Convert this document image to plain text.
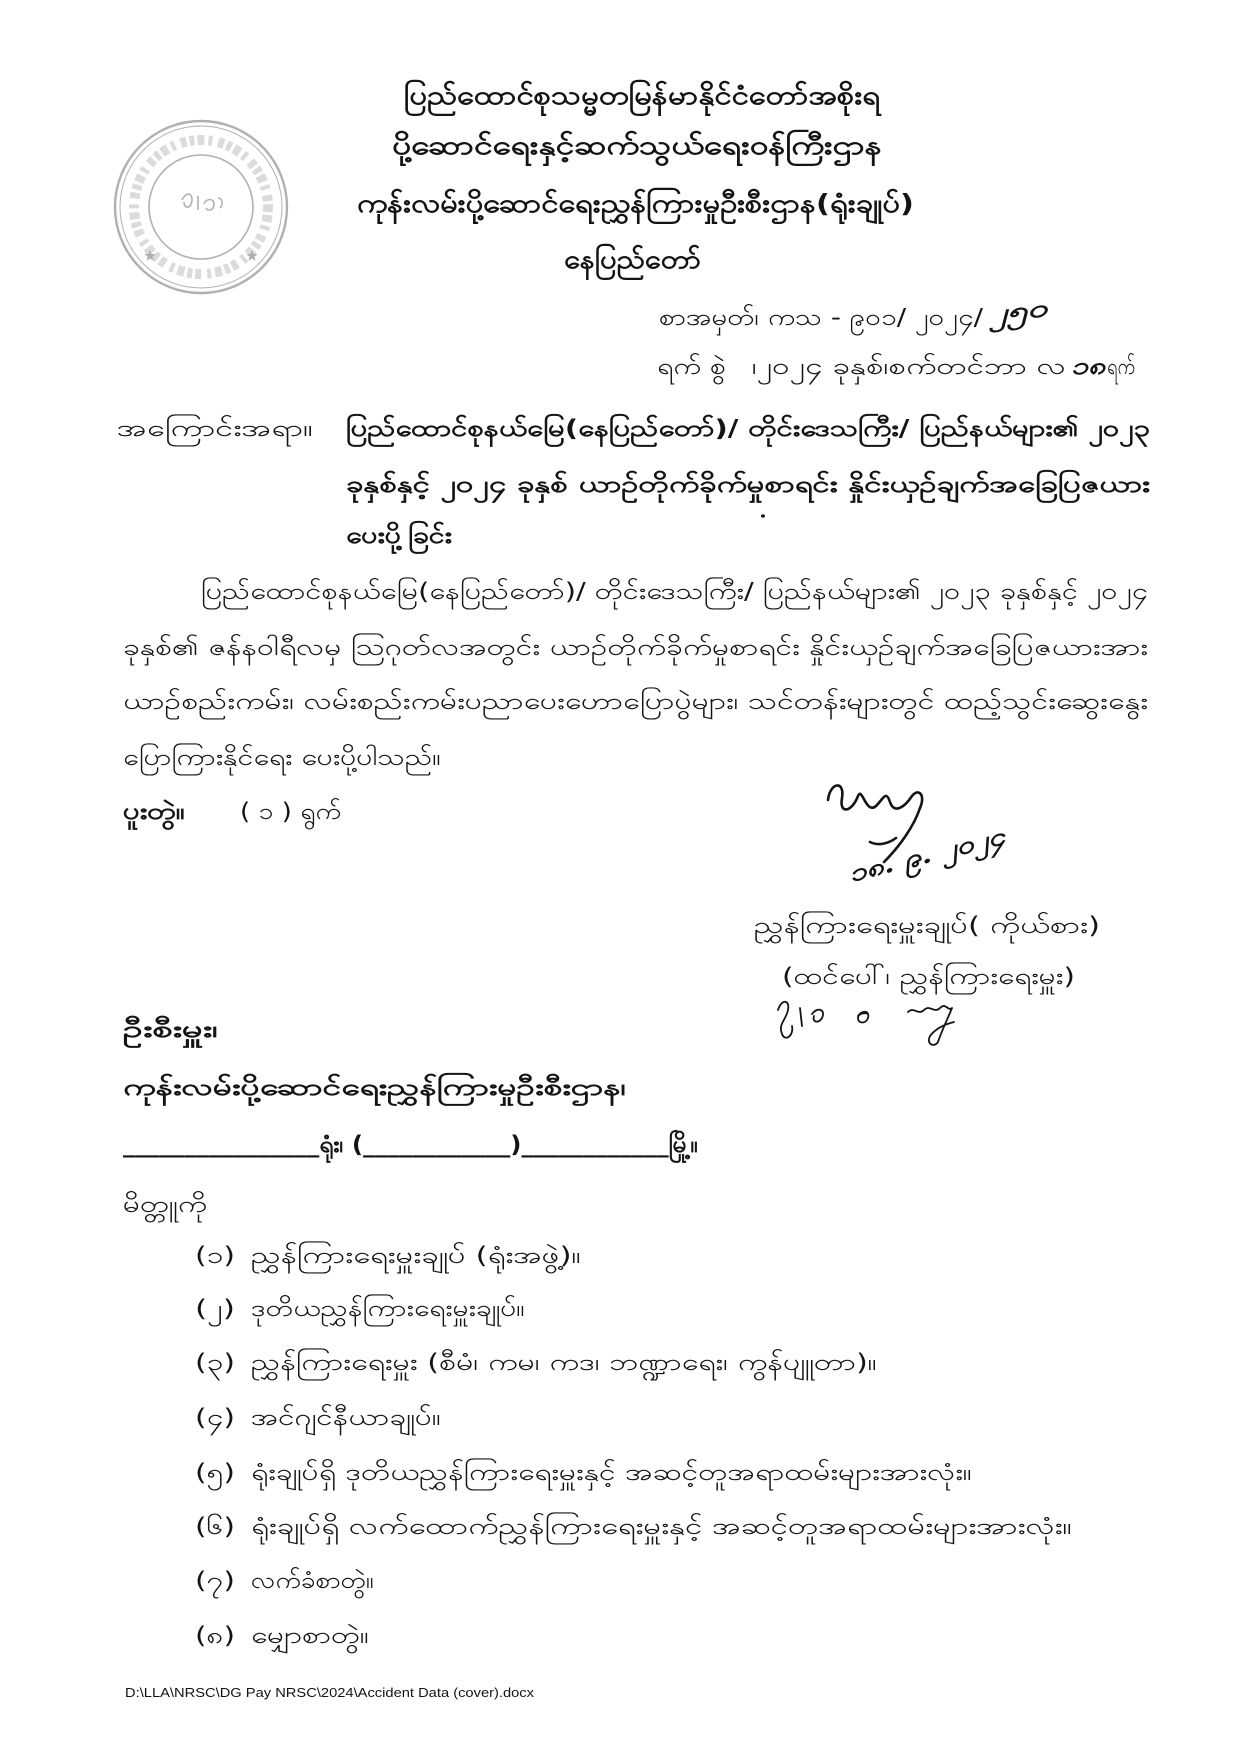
ပြည်ထောင်စုသမ္မတမြန်မာနိုင်ငံတော်အစိုးရ
ပို့ဆောင်ရေးနှင့်ဆက်သွယ်ရေးဝန်ကြီးဌာန
ကုန်းလမ်းပို့ဆောင်ရေးညွှန်ကြားမှုဦးစီးဌာန(ရုံးချုပ်)
နေပြည်တော်
စာအမှတ်၊ ကသ - ၉၀၁/ ၂၀၂၄/	၂၅၀
ရက် စွဲ	၊၂၀၂၄ ခုနှစ်၊စက်တင်ဘာ လ	၁၈ ရက်
အကြောင်းအရာ။	ပြည်ထောင်စုနယ်မြေ(နေပြည်တော်)/ တိုင်းဒေသကြီး/ ပြည်နယ်များ၏ ၂၀၂၃
ခုနှစ်နှင့် ၂၀၂၄ ခုနှစ် ယာဉ်တိုက်ခိုက်မှုစာရင်း နှိုင်းယှဉ်ချက်အခြေပြဇယား
ပေးပို့ခြင်း
ပြည်ထောင်စုနယ်မြေ(နေပြည်တော်)/ တိုင်းဒေသကြီး/ ပြည်နယ်များ၏ ၂၀၂၃ ခုနှစ်နှင့် ၂၀၂၄
ခုနှစ်၏ ဇန်နဝါရီလမှ ဩဂုတ်လအတွင်း ယာဉ်တိုက်ခိုက်မှုစာရင်း နှိုင်းယှဉ်ချက်အခြေပြဇယားအား
ယာဉ်စည်းကမ်း၊ လမ်းစည်းကမ်းပညာပေးဟောပြောပွဲများ၊ သင်တန်းများတွင် ထည့်သွင်းဆွေးနွေး
ပြောကြားနိုင်ရေး ပေးပို့ပါသည်။
ပူးတွဲ။	( ၁ ) ရွက်
၁၈. ၉. ၂၀၂၄
ညွှန်ကြားရေးမှူးချုပ်( ကိုယ်စား)
(ထင်ပေါ်၊ ညွှန်ကြားရေးမှူး)
ဦးစီးမှူး၊
ကုန်းလမ်းပို့ဆောင်ရေးညွှန်ကြားမှုဦးစီးဌာန၊
________________ရုံး၊ (____________)____________မြို့။
မိတ္တူကို
(၁) ညွှန်ကြားရေးမှူးချုပ် (ရုံးအဖွဲ့)။
(၂)	ဒုတိယညွှန်ကြားရေးမှူးချုပ်။
(၃)	ညွှန်ကြားရေးမှူး (စီမံ၊ ကမ၊ ကဒ၊ ဘဏ္ဍာရေး၊ ကွန်ပျူတာ)။
(၄)	အင်ဂျင်နီယာချုပ်။
(၅)	ရုံးချုပ်ရှိ ဒုတိယညွှန်ကြားရေးမှူးနှင့် အဆင့်တူအရာထမ်းများအားလုံး။
(၆) ရုံးချုပ်ရှိ လက်ထောက်ညွှန်ကြားရေးမှူးနှင့် အဆင့်တူအရာထမ်းများအားလုံး။
(၇)	လက်ခံစာတွဲ။
(၈) မျှောစာတွဲ။
D:\LLA\NRSC\DG Pay NRSC\2024\Accident Data (cover).docx
